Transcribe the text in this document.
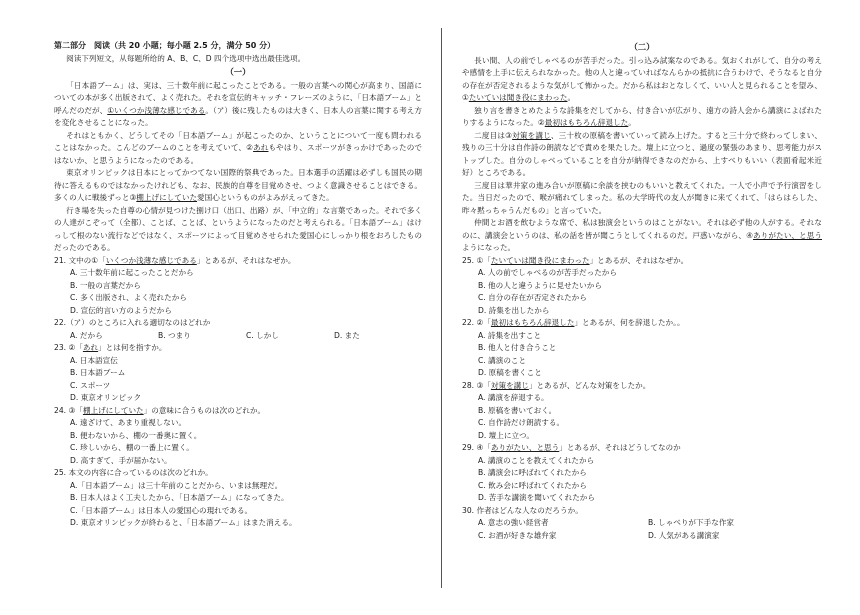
第二部分　阅读（共 20 小题；每小题 2.5 分，满分 50 分）
阅读下列短文，从每题所给的 A、B、C、D 四个选项中选出最佳选项。
（一）

「日本語ブーム」は、実は、三十数年前に起こったことである。一般の言葉への関心が高まり、国語についての本が多く出版されて、よく売れた。それを宣伝的キャッチ・フレーズのように、「日本語ブーム」と呼んだのだが、①いくつか浅薄な感じである。（ア）後に残したものは大きく、日本人の言葉に関する考え方を変化させることになった。

それはともかく、どうしてその「日本語ブーム」が起こったのか、ということについて一度も問われることはなかった。こんどのブームのことを考えていて、②あれもやはり、スポーツがきっかけであったのではないか、と思うようになったのである。

東京オリンピックは日本にとってかつてない国際的祭典であった。日本選手の活躍は必ずしも国民の期待に答えるものではなかったけれども、なお、民族的自尊を目覚めさせ、つよく意識させることはできる。多くの人に戦後ずっと③棚上げにしていた愛国心というものがよみがえってきた。

行き場を失った自尊の心情が見つけた捌け口（出口、出路）が、「中立的」な言葉であった。それで多くの人達がこぞって（全都）、ことば、ことば、というようになったのだと考えられる。「日本語ブーム」はけっして根のない流行などではなく、スポーツによって目覚めさせられた愛国心にしっかり根をおろしたものだったのである。

21. 文中の①「いくつか浅薄な感じである」とあるが、それはなぜか。
A. 三十数年前に起こったことだから
B. 一般の言葉だから
C. 多く出版され、よく売れたから
D. 宣伝的言い方のようだから
22.（ア）のところに入れる適切なのはどれか
A. だから	B. つまり	C. しかし	D. また
23. ②「あれ」とは何を指すか。
A. 日本語宣伝
B. 日本語ブーム
C. スポーツ
D. 東京オリンピック
24. ③「棚上げにしていた」の意味に合うものは次のどれか。
A. 遠ざけて、あまり重視しない。
B. 便わないから、棚の一番奥に置く。
C. 珍しいから、棚の一番上に置く。
D. 高すぎて、手が届かない。
25. 本文の内容に合っているのは次のどれか。
A.「日本語ブーム」は三十年前のことだから、いまは無理だ。
B. 日本人はよく工夫したから、「日本語ブーム」になってきた。
C.「日本語ブーム」は日本人の愛国心の現れである。
D. 東京オリンピックが終わると、「日本語ブーム」はまた消える。
（二）

長い間、人の前でしゃべるのが苦手だった。引っ込み試案なのである。気おくれがして、自分の考えや感情を上手に伝えられなかった。他の人と違っていればなんらかの抵抗に合うわけで、そうなると自分の存在が否定されるような気がして怖かった。だから私はおとなしくて、いい人と見られることを望み、①たいていは聞き役にまわった。

独り言を書きとめたような詩集をだしてから、付き合いが広がり、遠方の詩人会から講演によばれたりするようになった。②最初はもちろん辞退した。

二度目は③対策を講じ、三十枚の原稿を書いていって読み上げた。すると三十分で終わってしまい、残りの三十分は自作詩の朗読などで責めを果たした。壇上に立つと、過度の緊張のあまり、思考能力がストップした。自分のしゃべっていることを自分が納得できなのだから、上すべりもいい（表面肴起米近好）ところである。

三度目は華井家の進み合いが原稿に余談を挟むのもいいと教えてくれた。一人で小声で予行演習をした。当日だったので、喉が痛れてしまった。私の大学時代の友人が聞きに来てくれて、「はらはらした、昨々黙っちゃうんだもの」と言っていた。

仲間とお酒を飲むような席で、私は独演会というのはことがない。それは必ず他の人がする。それなのに、講演会というのは、私の話を皆が聞こうとしてくれるのだ。戸惑いながら、④ありがたい、と思うようになった。

25. ①「たいていは聞き役にまわった」とあるが、それはなぜか。
A. 人の前でしゃべるのが苦手だったから
B. 他の人と違うように見せたいから
C. 自分の存在が否定されたから
D. 詩集を出したから
22. ②「最初はもちろん辞退した」とあるが、何を辞退したか。。
A. 詩集を出すこと
B. 他人と付き合うこと
C. 講演のこと
D. 原稿を書くこと
28. ③「対策を講じ」とあるが、どんな対策をしたか。
A. 講演を辞退する。
B. 原稿を書いておく。
C. 自作詩だけ朗読する。
D. 壇上に立つ。
29. ④「ありがたい、と思う」とあるが、それはどうしてなのか
A. 講演のことを教えてくれたから
B. 講演会に呼ばれてくれたから
C. 飲み会に呼ばれてくれたから
D. 苦手な講演を聞いてくれたから
30. 作者はどんな人なのだろうか。
A. 意志の強い経営者	B. しゃべりが下手な作家
C. お酒が好きな雄弁家	D. 人気がある講演家
